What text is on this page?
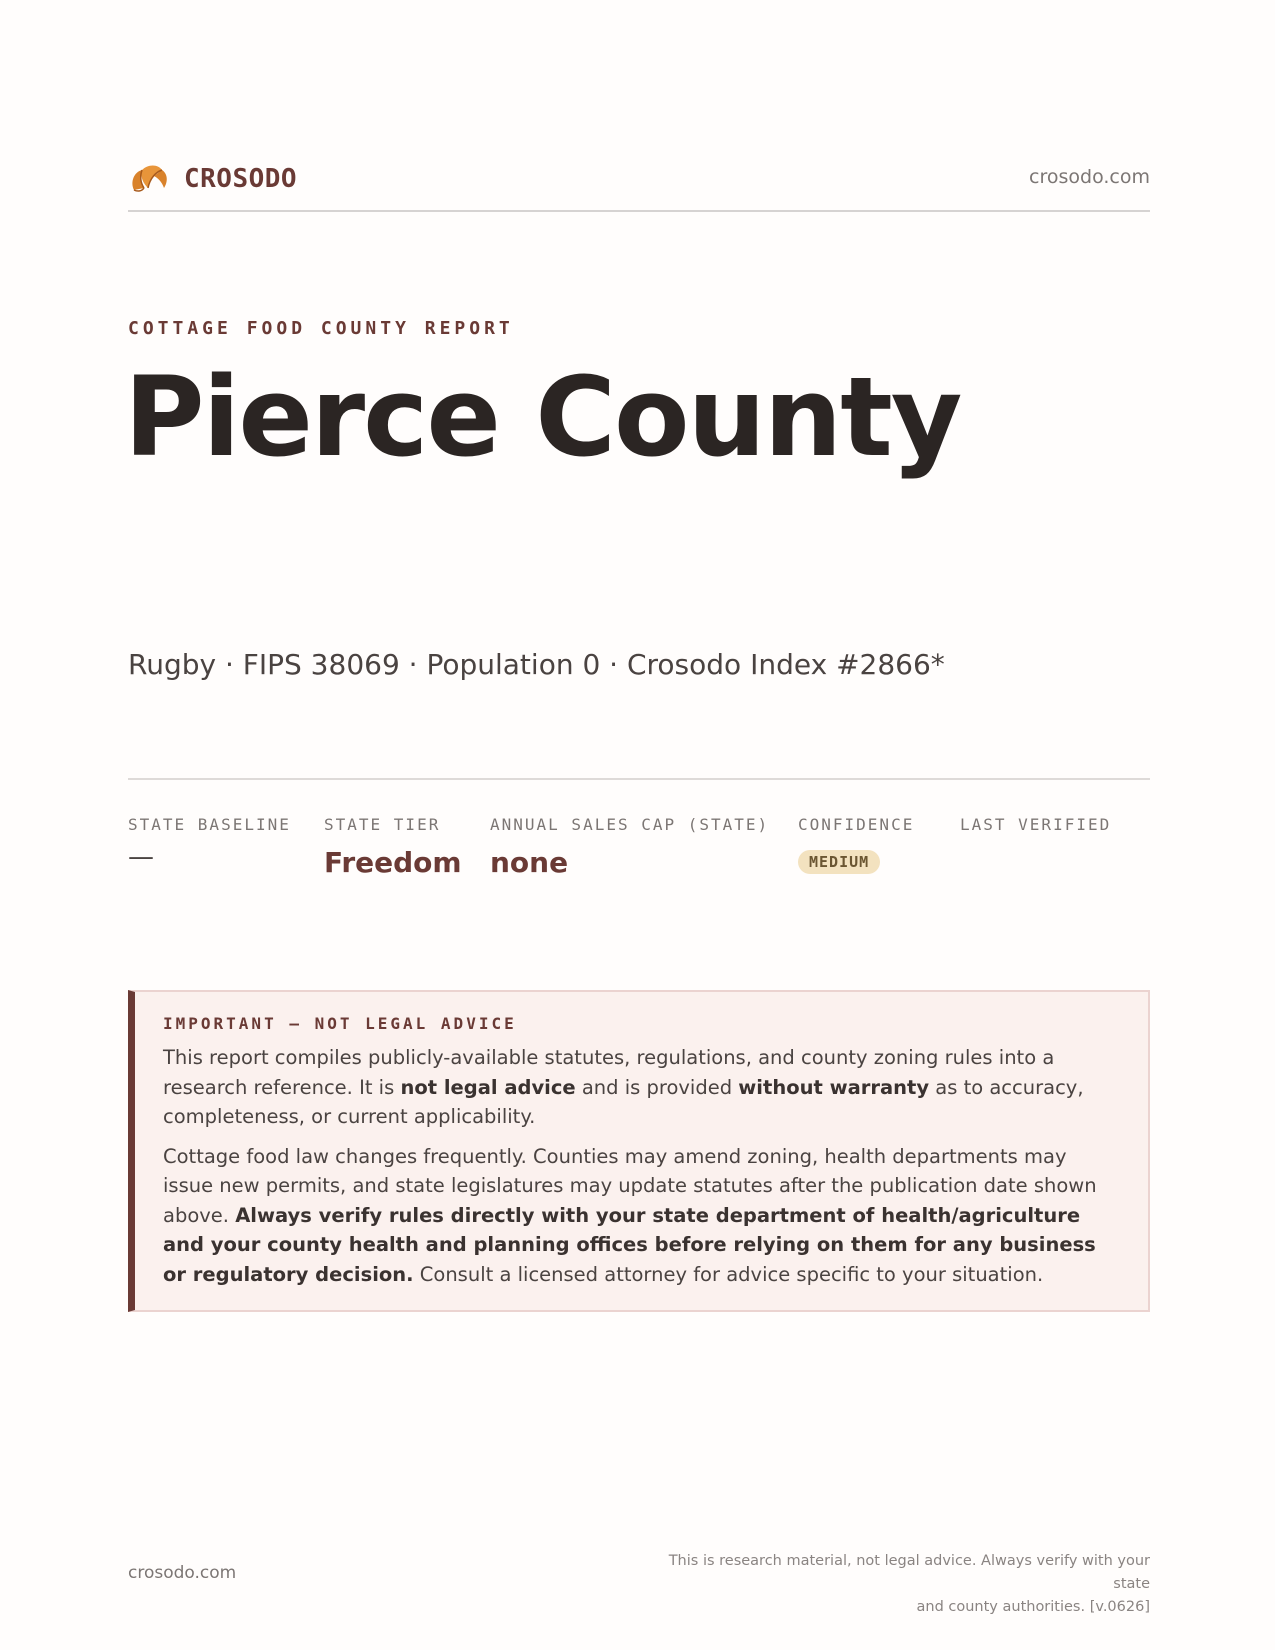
CROSODO	crosodo.com
COTTAGE FOOD COUNTY REPORT
Pierce County
Rugby · FIPS 38069 · Population 0 · Crosodo Index #2866*
STATE BASELINE
—
STATE TIER
Freedom
ANNUAL SALES CAP (STATE)
none
CONFIDENCE
MEDIUM
LAST VERIFIED
IMPORTANT — NOT LEGAL ADVICE

This report compiles publicly-available statutes, regulations, and county zoning rules into a research reference. It is not legal advice and is provided without warranty as to accuracy, completeness, or current applicability.

Cottage food law changes frequently. Counties may amend zoning, health departments may issue new permits, and state legislatures may update statutes after the publication date shown above. Always verify rules directly with your state department of health/agriculture and your county health and planning offices before relying on them for any business or regulatory decision. Consult a licensed attorney for advice specific to your situation.

crosodo.com
This is research material, not legal advice. Always verify with your state
and county authorities. [v.0626]
